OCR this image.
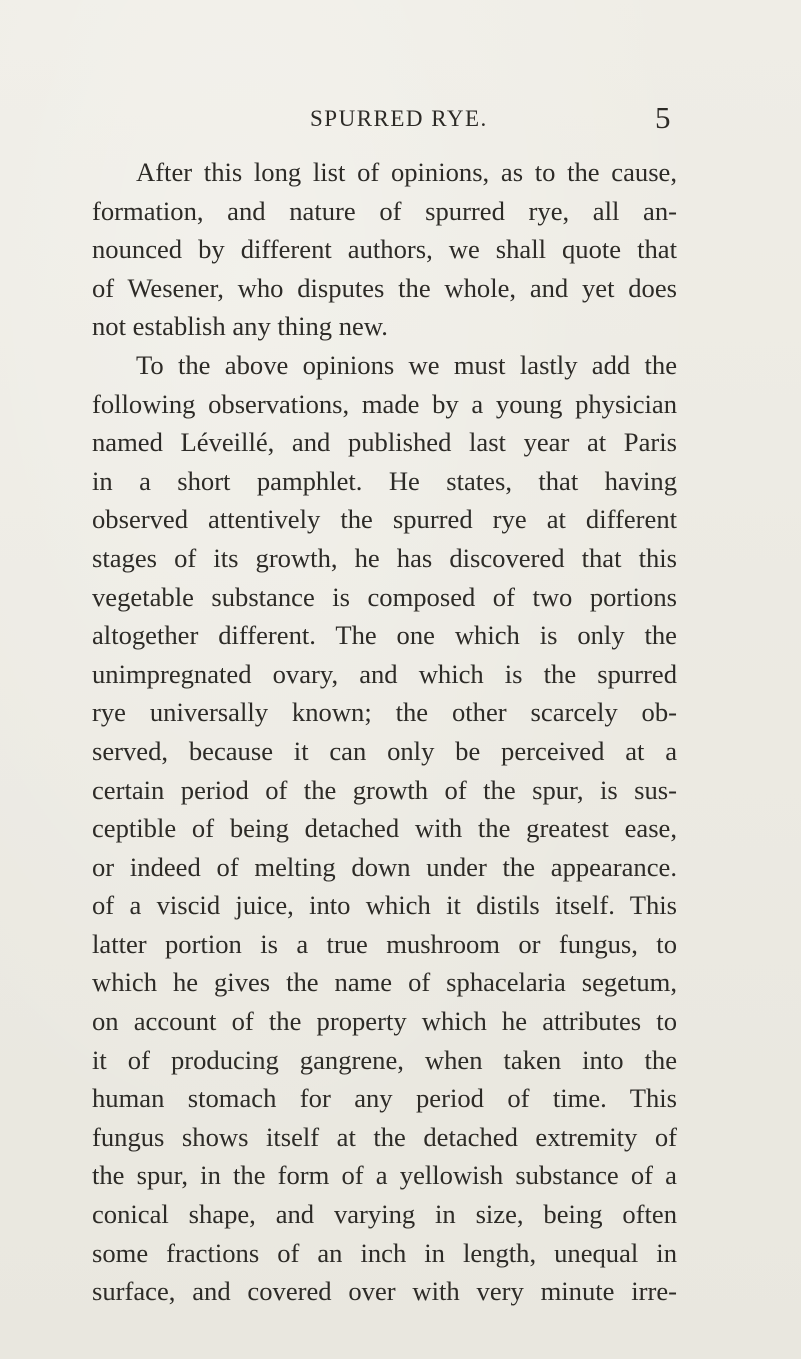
SPURRED RYE.	5
After this long list of opinions, as to the cause,
formation, and nature of spurred rye, all an-
nounced by different authors, we shall quote that
of Wesener, who disputes the whole, and yet does
not establish any thing new.
To the above opinions we must lastly add the
following observations, made by a young physician
named Léveillé, and published last year at Paris
in a short pamphlet. He states, that having
observed attentively the spurred rye at different
stages of its growth, he has discovered that this
vegetable substance is composed of two portions
altogether different. The one which is only the
unimpregnated ovary, and which is the spurred
rye universally known; the other scarcely ob-
served, because it can only be perceived at a
certain period of the growth of the spur, is sus-
ceptible of being detached with the greatest ease,
or indeed of melting down under the appearance.
of a viscid juice, into which it distils itself. This
latter portion is a true mushroom or fungus, to
which he gives the name of sphacelaria segetum,
on account of the property which he attributes to
it of producing gangrene, when taken into the
human stomach for any period of time. This
fungus shows itself at the detached extremity of
the spur, in the form of a yellowish substance of a
conical shape, and varying in size, being often
some fractions of an inch in length, unequal in
surface, and covered over with very minute irre-
